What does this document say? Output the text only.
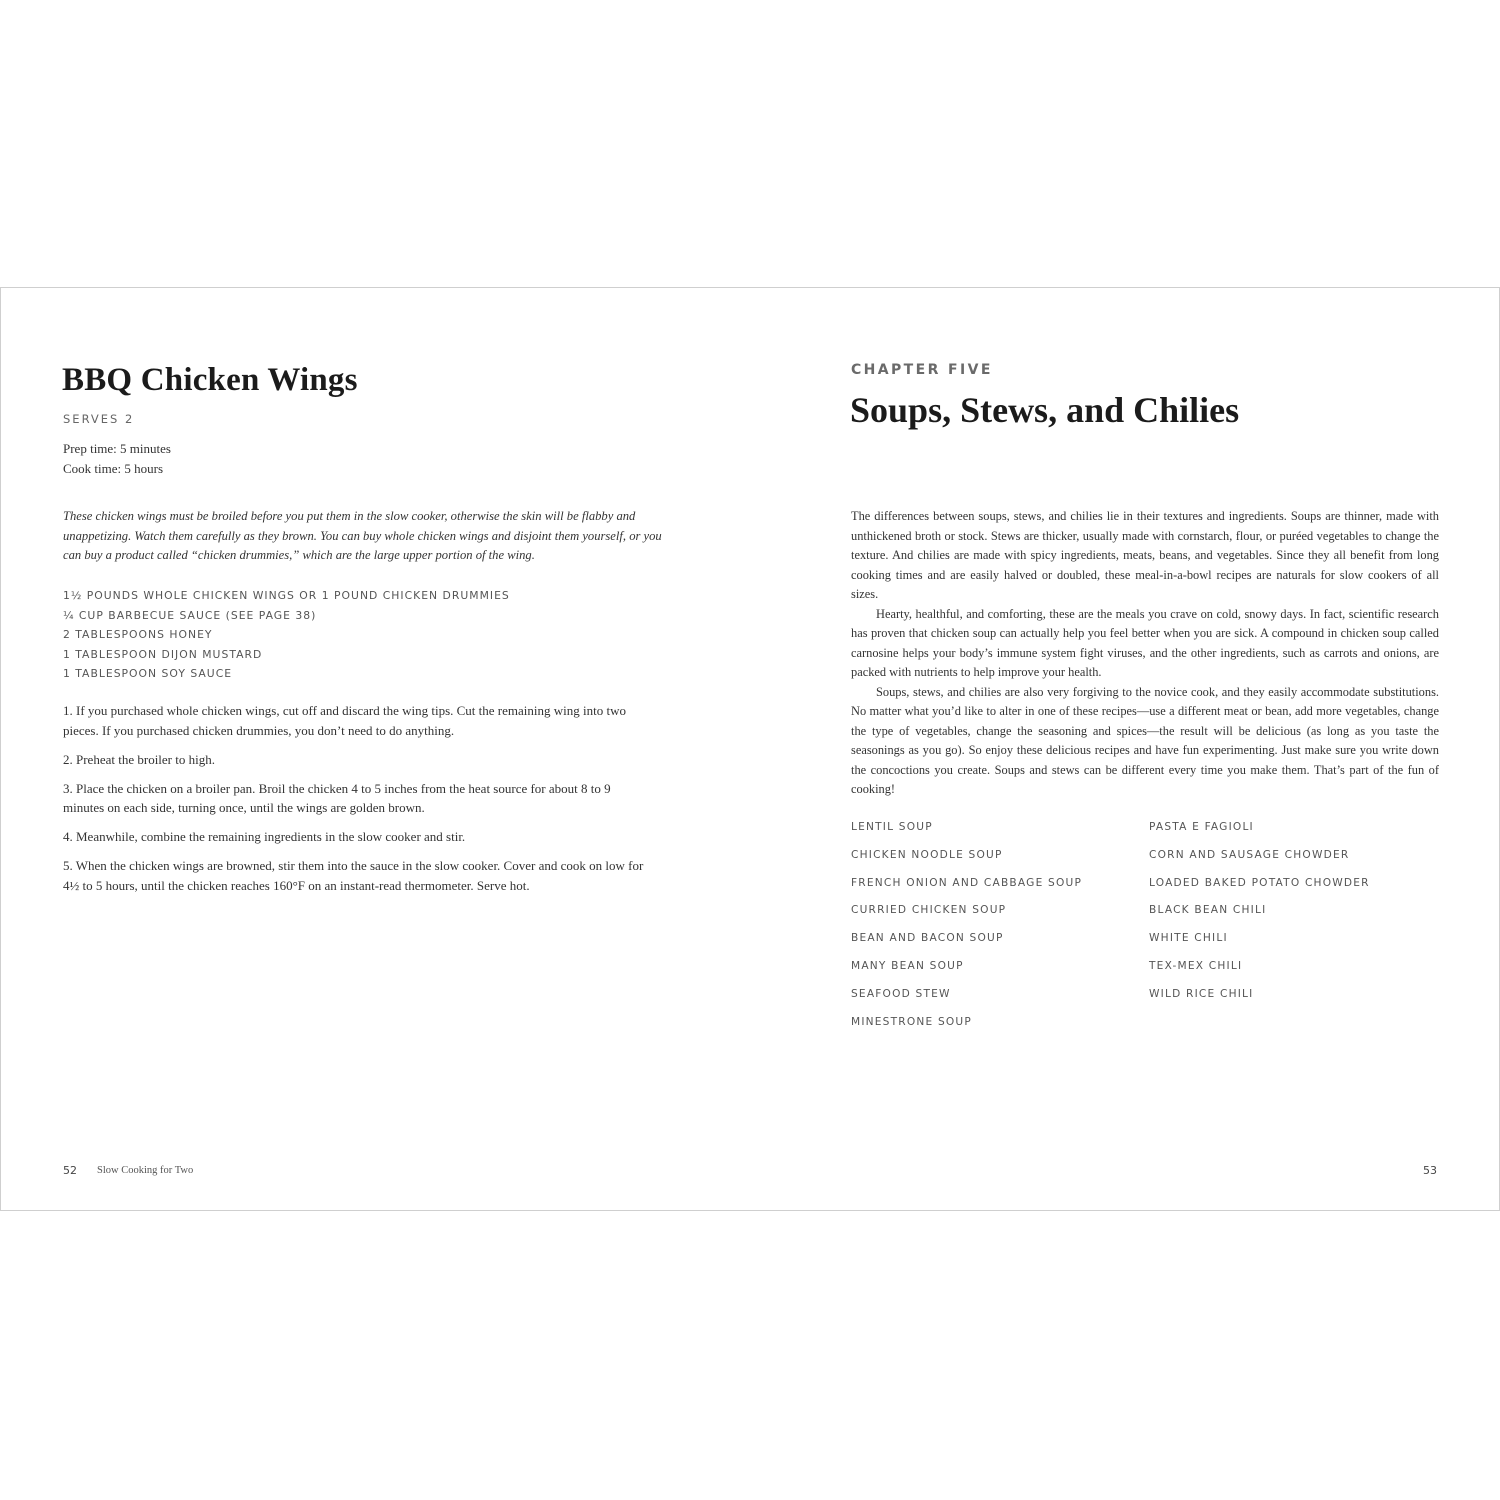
BBQ Chicken Wings
SERVES 2
Prep time: 5 minutes
Cook time: 5 hours

These chicken wings must be broiled before you put them in the slow cooker, otherwise the skin will be flabby and unappetizing. Watch them carefully as they brown. You can buy whole chicken wings and disjoint them yourself, or you can buy a product called “chicken drummies,” which are the large upper portion of the wing.

1½ POUNDS WHOLE CHICKEN WINGS OR 1 POUND CHICKEN DRUMMIES
¼ CUP BARBECUE SAUCE (SEE PAGE 38)
2 TABLESPOONS HONEY
1 TABLESPOON DIJON MUSTARD
1 TABLESPOON SOY SAUCE
1. If you purchased whole chicken wings, cut off and discard the wing tips. Cut the remaining wing into two pieces. If you purchased chicken drummies, you don’t need to do anything.
2. Preheat the broiler to high.
3. Place the chicken on a broiler pan. Broil the chicken 4 to 5 inches from the heat source for about 8 to 9 minutes on each side, turning once, until the wings are golden brown.
4. Meanwhile, combine the remaining ingredients in the slow cooker and stir.
5. When the chicken wings are browned, stir them into the sauce in the slow cooker. Cover and cook on low for 4½ to 5 hours, until the chicken reaches 160°F on an instant-read thermometer. Serve hot.
52 Slow Cooking for Two
CHAPTER FIVE
Soups, Stews, and Chilies

The differences between soups, stews, and chilies lie in their textures and ingredients. Soups are thinner, made with unthickened broth or stock. Stews are thicker, usually made with cornstarch, flour, or puréed vegetables to change the texture. And chilies are made with spicy ingredients, meats, beans, and vegetables. Since they all benefit from long cooking times and are easily halved or doubled, these meal-in-a-bowl recipes are naturals for slow cookers of all sizes.

Hearty, healthful, and comforting, these are the meals you crave on cold, snowy days. In fact, scientific research has proven that chicken soup can actually help you feel better when you are sick. A compound in chicken soup called carnosine helps your body’s immune system fight viruses, and the other ingredients, such as carrots and onions, are packed with nutrients to help improve your health.

Soups, stews, and chilies are also very forgiving to the novice cook, and they easily accommodate substitutions. No matter what you’d like to alter in one of these recipes—use a different meat or bean, add more vegetables, change the type of vegetables, change the seasoning and spices—the result will be delicious (as long as you taste the seasonings as you go). So enjoy these delicious recipes and have fun experimenting. Just make sure you write down the concoctions you create. Soups and stews can be different every time you make them. That’s part of the fun of cooking!

LENTIL SOUP
CHICKEN NOODLE SOUP
FRENCH ONION AND CABBAGE SOUP
CURRIED CHICKEN SOUP
BEAN AND BACON SOUP
MANY BEAN SOUP
SEAFOOD STEW
MINESTRONE SOUP
PASTA E FAGIOLI
CORN AND SAUSAGE CHOWDER
LOADED BAKED POTATO CHOWDER
BLACK BEAN CHILI
WHITE CHILI
TEX-MEX CHILI
WILD RICE CHILI
53
